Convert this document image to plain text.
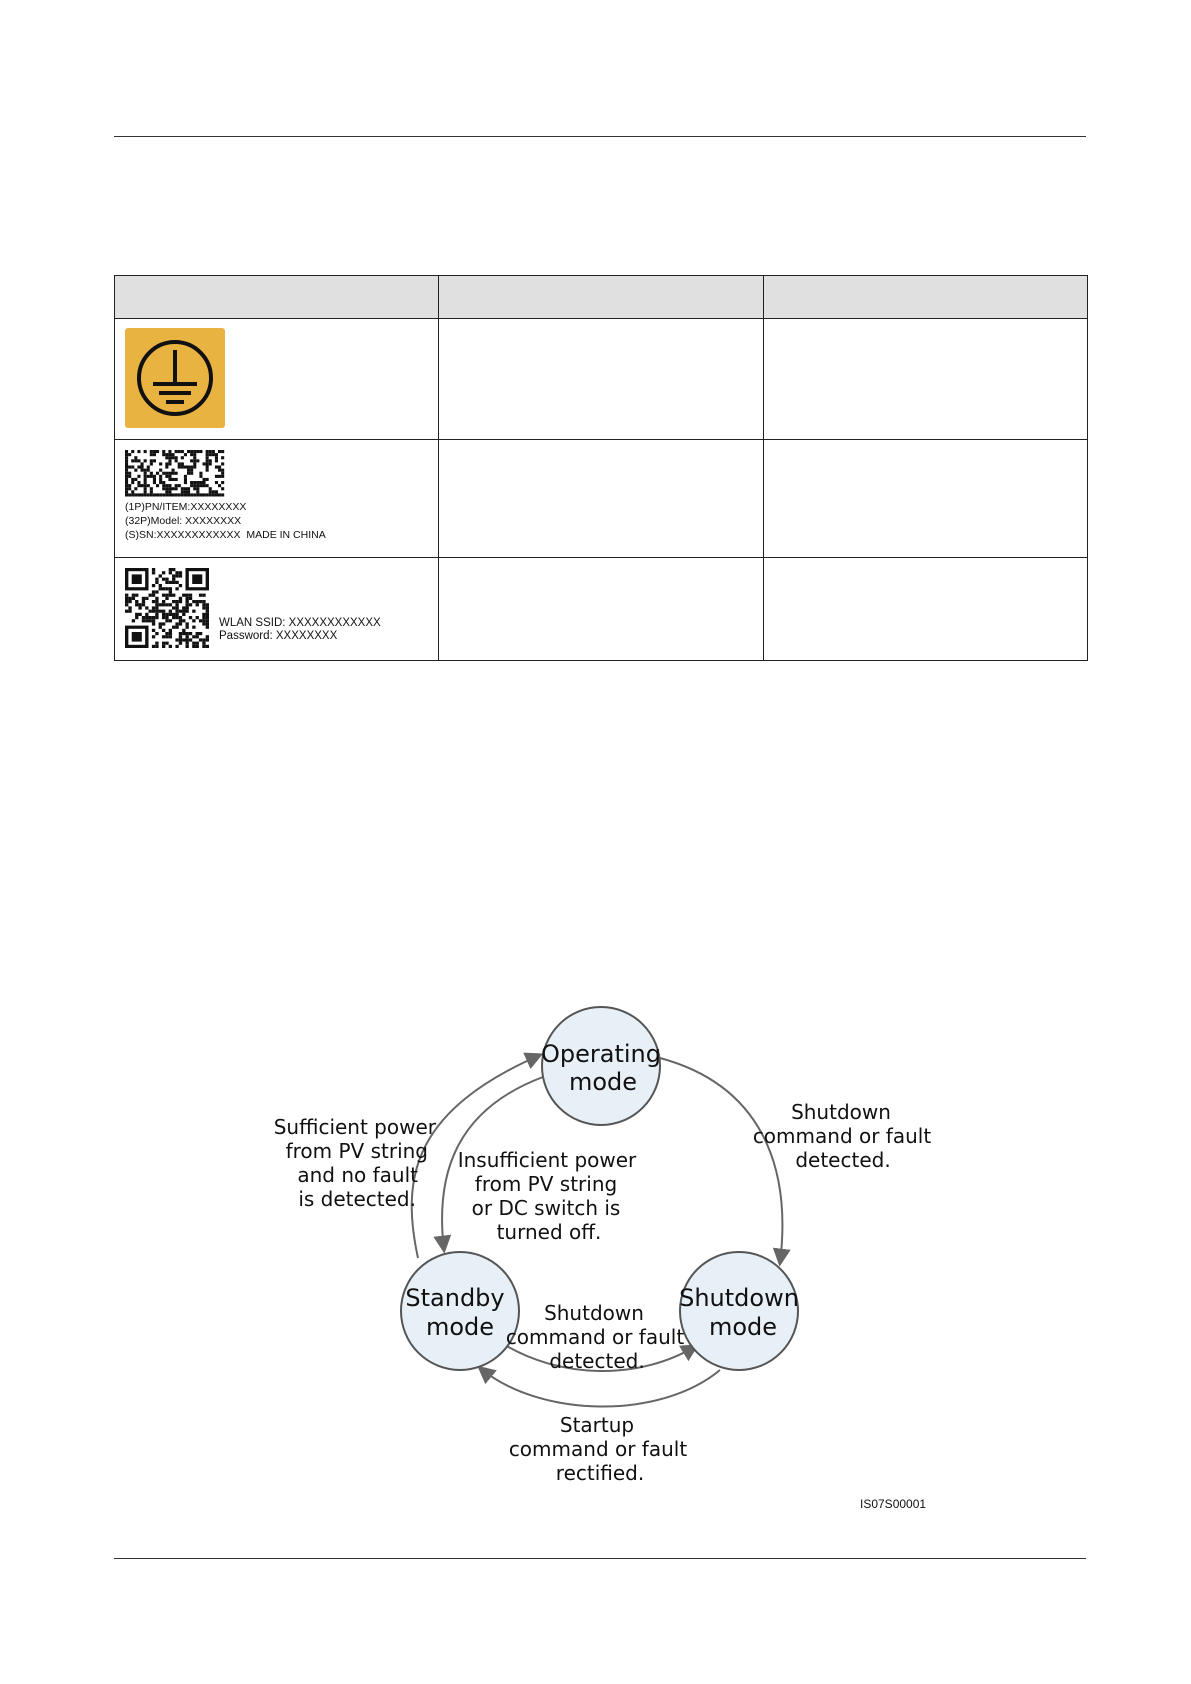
(1P)PN/ITEM:XXXXXXXX
(32P)Model: XXXXXXXX
(S)SN:XXXXXXXXXXXX  MADE IN CHINA		

WLAN SSID: XXXXXXXXXXXX
Password: XXXXXXXX		

Operating
mode
Standby
mode
Shutdown
mode
Sufficient power
from PV string
and no fault
is detected.
Insufficient power
from PV string
or DC switch is
turned off.
Shutdown
command or fault
detected.
Shutdown
command or fault
detected.
Startup
command or fault
rectified.
IS07S00001
